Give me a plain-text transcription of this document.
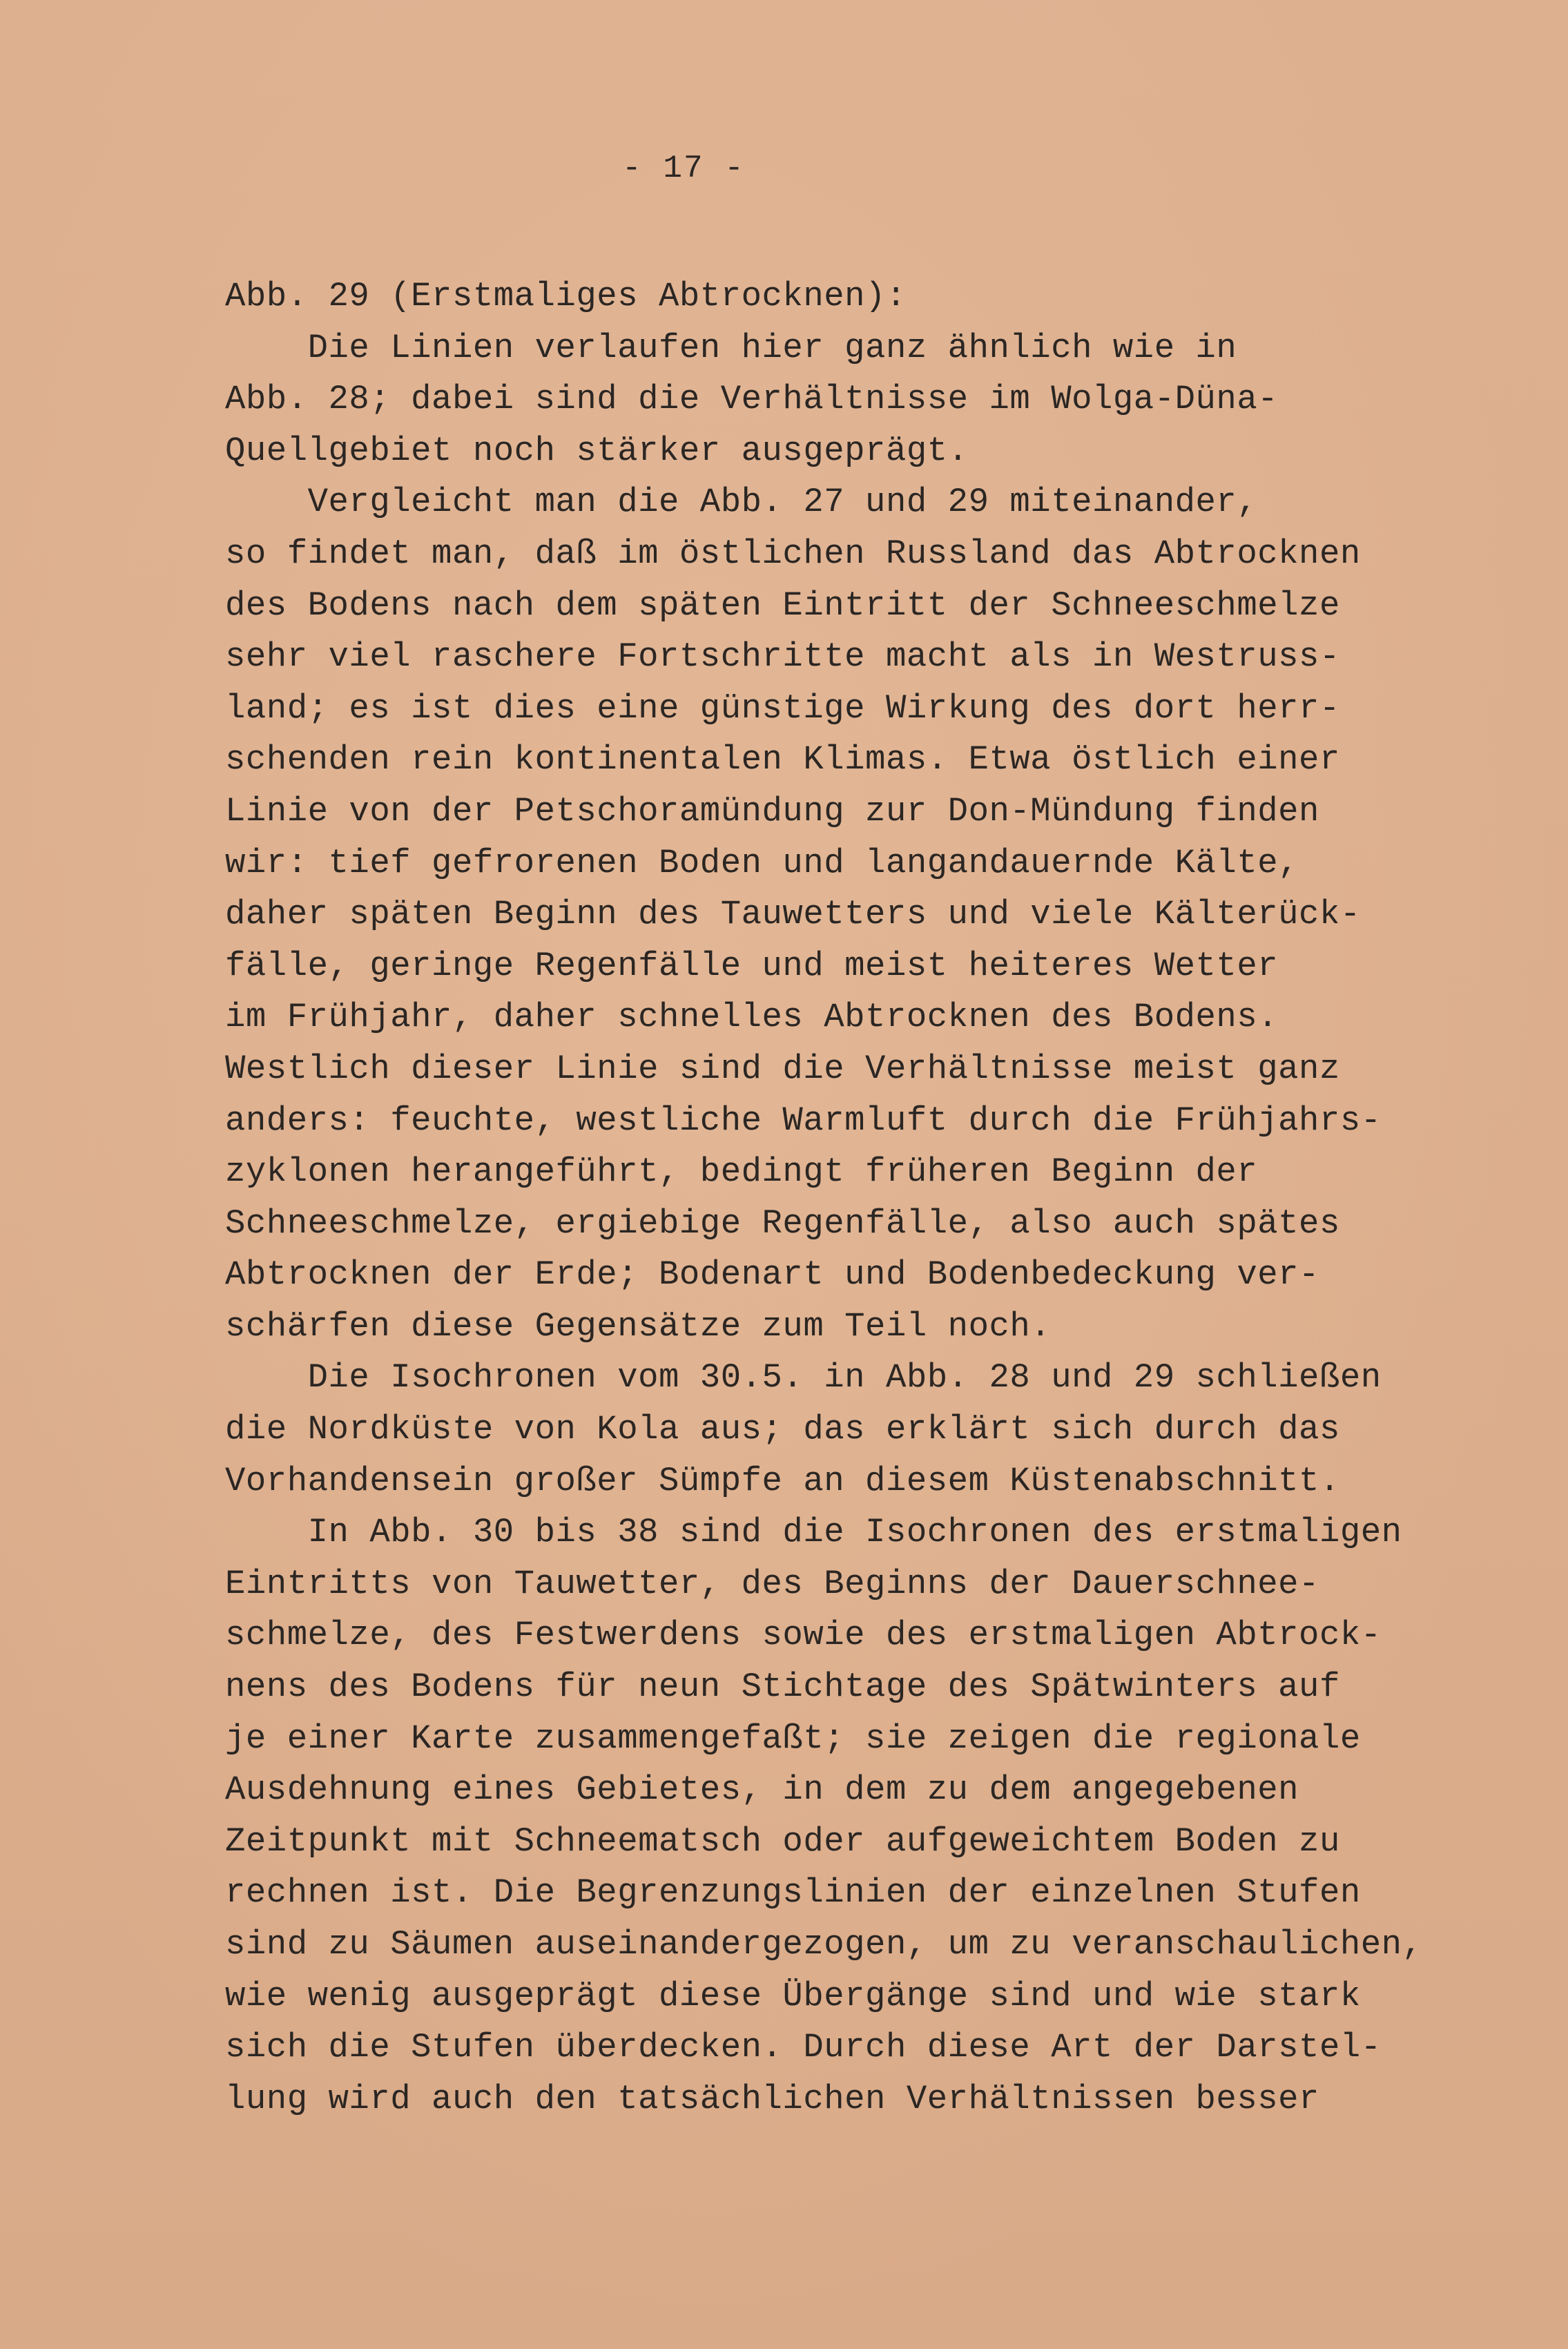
- 17 -
Abb. 29 (Erstmaliges Abtrocknen):
Die Linien verlaufen hier ganz ähnlich wie in
Abb. 28; dabei sind die Verhältnisse im Wolga-Düna-
Quellgebiet noch stärker ausgeprägt.
Vergleicht man die Abb. 27 und 29 miteinander,
so findet man, daß im östlichen Russland das Abtrocknen
des Bodens nach dem späten Eintritt der Schneeschmelze
sehr viel raschere Fortschritte macht als in Westruss-
land; es ist dies eine günstige Wirkung des dort herr-
schenden rein kontinentalen Klimas. Etwa östlich einer
Linie von der Petschoramündung zur Don-Mündung finden
wir: tief gefrorenen Boden und langandauernde Kälte,
daher späten Beginn des Tauwetters und viele Kälterück-
fälle, geringe Regenfälle und meist heiteres Wetter
im Frühjahr, daher schnelles Abtrocknen des Bodens.
Westlich dieser Linie sind die Verhältnisse meist ganz
anders: feuchte, westliche Warmluft durch die Frühjahrs-
zyklonen herangeführt, bedingt früheren Beginn der
Schneeschmelze, ergiebige Regenfälle, also auch spätes
Abtrocknen der Erde; Bodenart und Bodenbedeckung ver-
schärfen diese Gegensätze zum Teil noch.
Die Isochronen vom 30.5. in Abb. 28 und 29 schließen
die Nordküste von Kola aus; das erklärt sich durch das
Vorhandensein großer Sümpfe an diesem Küstenabschnitt.
In Abb. 30 bis 38 sind die Isochronen des erstmaligen
Eintritts von Tauwetter, des Beginns der Dauerschnee-
schmelze, des Festwerdens sowie des erstmaligen Abtrock-
nens des Bodens für neun Stichtage des Spätwinters auf
je einer Karte zusammengefaßt; sie zeigen die regionale
Ausdehnung eines Gebietes, in dem zu dem angegebenen
Zeitpunkt mit Schneematsch oder aufgeweichtem Boden zu
rechnen ist. Die Begrenzungslinien der einzelnen Stufen
sind zu Säumen auseinandergezogen, um zu veranschaulichen,
wie wenig ausgeprägt diese Übergänge sind und wie stark
sich die Stufen überdecken. Durch diese Art der Darstel-
lung wird auch den tatsächlichen Verhältnissen besser
